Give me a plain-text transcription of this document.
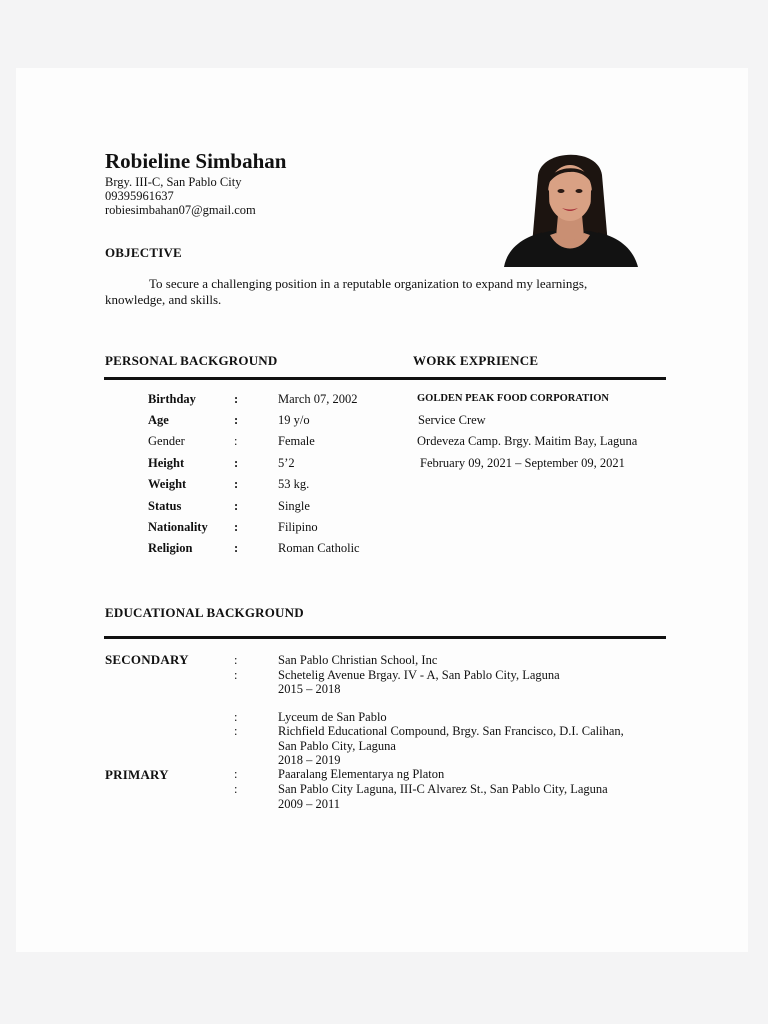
Robieline Simbahan
Brgy. III-C, San Pablo City
09395961637
robiesimbahan07@gmail.com
OBJECTIVE
To secure a challenging position in a reputable organization to expand my learnings, knowledge, and skills.
PERSONAL BACKGROUND	WORK EXPRIENCE
Birthday	:	March 07, 2002
Age	:	19 y/o
Gender	:	Female
Height	:	5’2
Weight	:	53 kg.
Status	:	Single
Nationality :	Filipino
Religion	:	Roman Catholic
GOLDEN PEAK FOOD CORPORATION
Service Crew
Ordeveza Camp. Brgy. Maitim Bay, Laguna
February 09, 2021 – September 09, 2021
EDUCATIONAL BACKGROUND
SECONDARY	:	San Pablo Christian School, Inc
:	Schetelig Avenue Brgay. IV - A, San Pablo City, Laguna
2015 – 2018
:	Lyceum de San Pablo
:	Richfield Educational Compound, Brgy. San Francisco, D.I. Calihan,
San Pablo City, Laguna
2018 – 2019
PRIMARY	:	Paaralang Elementarya ng Platon
:	San Pablo City Laguna, III-C Alvarez St., San Pablo City, Laguna
2009 – 2011
